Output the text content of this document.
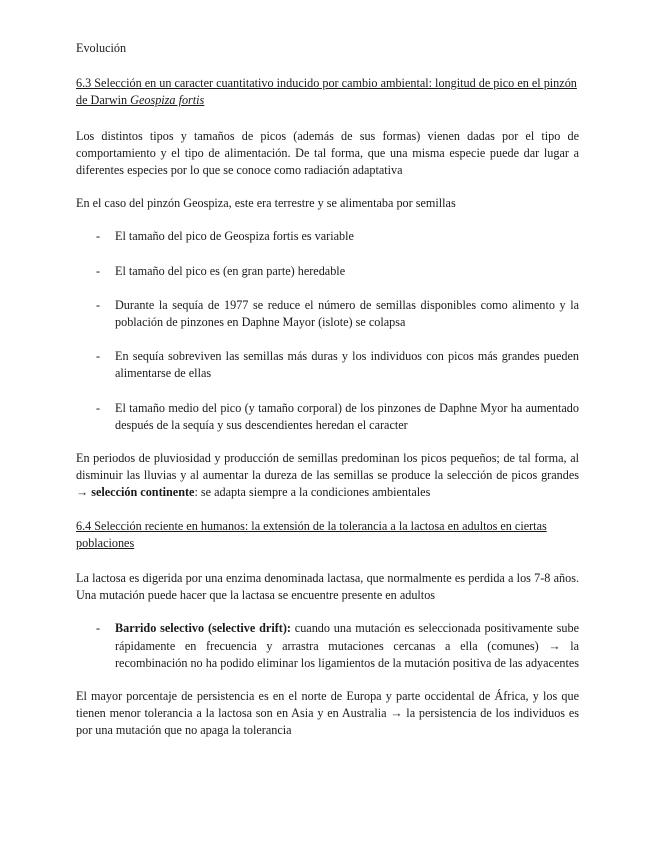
Evolución
6.3 Selección en un caracter cuantitativo inducido por cambio ambiental: longitud de pico en el pinzón de Darwin Geospiza fortis

Los distintos tipos y tamaños de picos (además de sus formas) vienen dadas por el tipo de comportamiento y el tipo de alimentación. De tal forma, que una misma especie puede dar lugar a diferentes especies por lo que se conoce como radiación adaptativa

En el caso del pinzón Geospiza, este era terrestre y se alimentaba por semillas

- El tamaño del pico de Geospiza fortis es variable
- El tamaño del pico es (en gran parte) heredable
- Durante la sequía de 1977 se reduce el número de semillas disponibles como alimento y la población de pinzones en Daphne Mayor (islote) se colapsa
- En sequía sobreviven las semillas más duras y los individuos con picos más grandes pueden alimentarse de ellas
- El tamaño medio del pico (y tamaño corporal) de los pinzones de Daphne Myor ha aumentado después de la sequía y sus descendientes heredan el caracter

En periodos de pluviosidad y producción de semillas predominan los picos pequeños; de tal forma, al disminuir las lluvias y al aumentar la dureza de las semillas se produce la selección de picos grandes → selección continente: se adapta siempre a la condiciones ambientales

6.4 Selección reciente en humanos: la extensión de la tolerancia a la lactosa en adultos en ciertas poblaciones

La lactosa es digerida por una enzima denominada lactasa, que normalmente es perdida a los 7-8 años. Una mutación puede hacer que la lactasa se encuentre presente en adultos

- Barrido selectivo (selective drift): cuando una mutación es seleccionada positivamente sube rápidamente en frecuencia y arrastra mutaciones cercanas a ella (comunes) → la recombinación no ha podido eliminar los ligamientos de la mutación positiva de las adyacentes

El mayor porcentaje de persistencia es en el norte de Europa y parte occidental de África, y los que tienen menor tolerancia a la lactosa son en Asia y en Australia → la persistencia de los individuos es por una mutación que no apaga la tolerancia
